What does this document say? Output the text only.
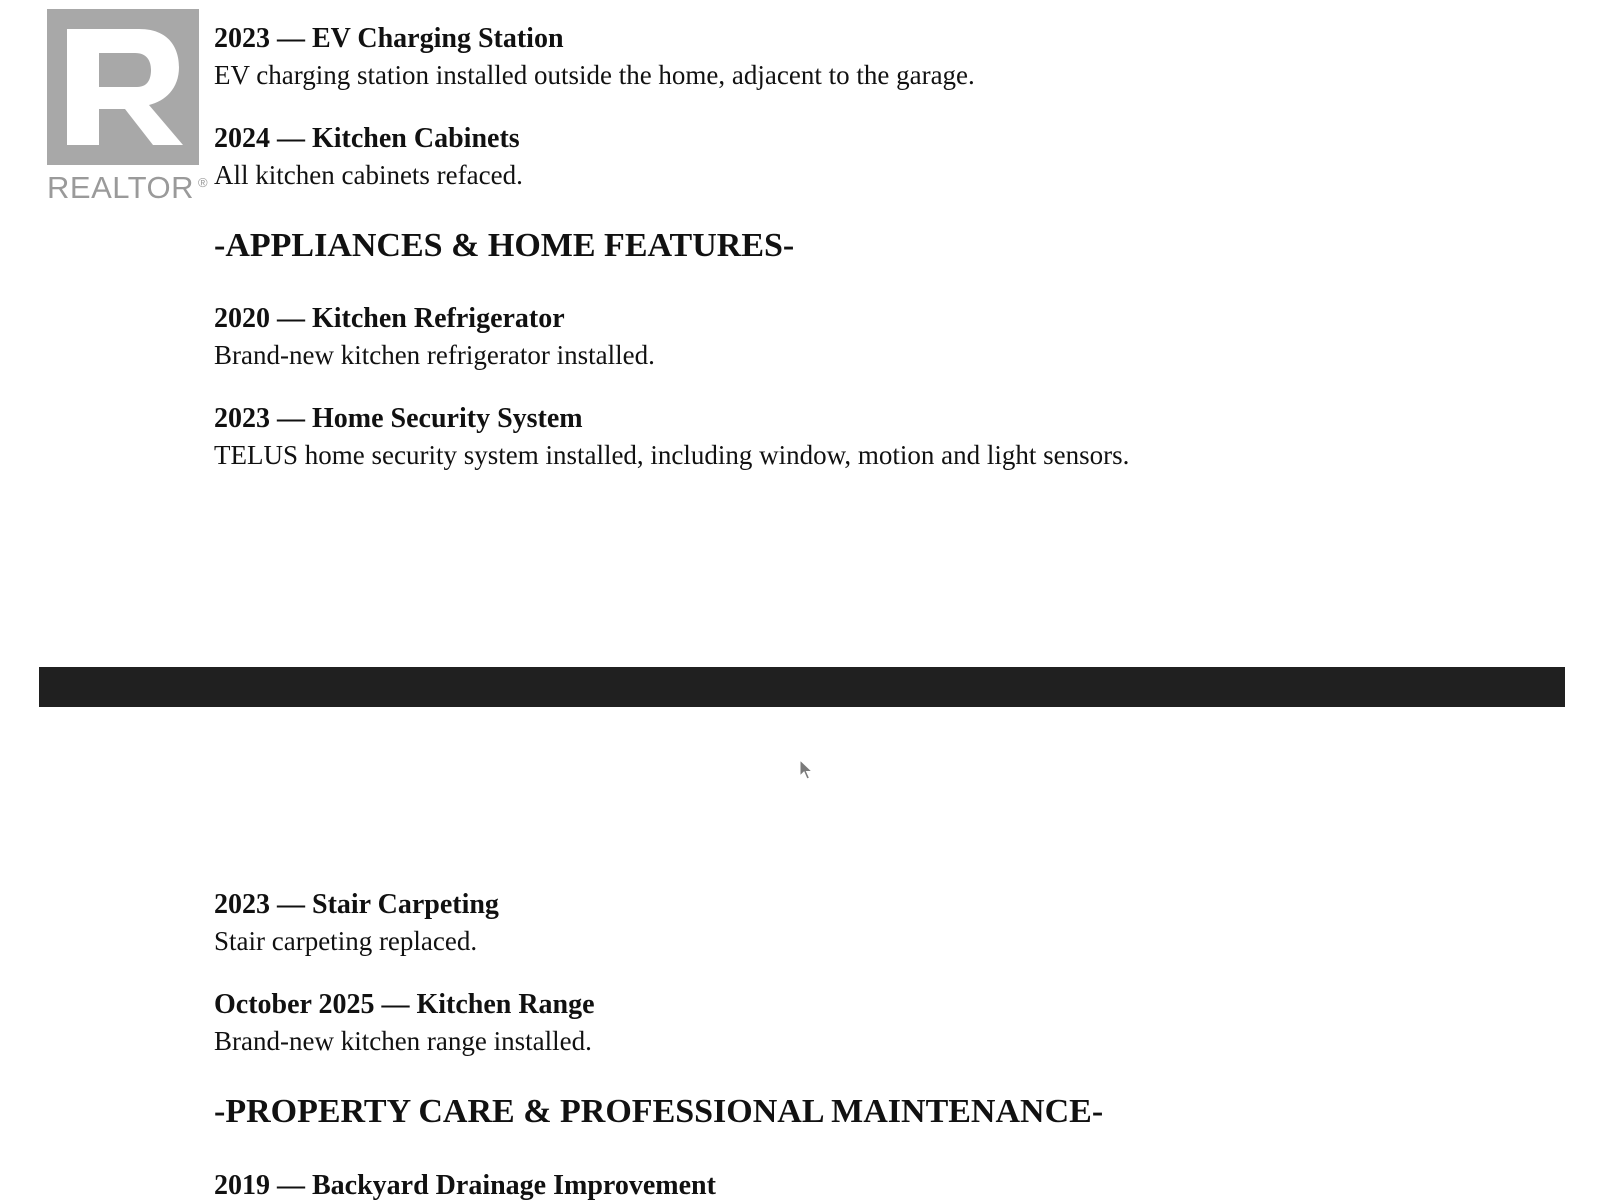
REALTOR ®
2023 — EV Charging Station
EV charging station installed outside the home, adjacent to the garage.
2024 — Kitchen Cabinets
All kitchen cabinets refaced.
-APPLIANCES & HOME FEATURES-
2020 — Kitchen Refrigerator
Brand-new kitchen refrigerator installed.
2023 — Home Security System
TELUS home security system installed, including window, motion and light sensors.
2023 — Stair Carpeting
Stair carpeting replaced.
October 2025 — Kitchen Range
Brand-new kitchen range installed.
-PROPERTY CARE & PROFESSIONAL MAINTENANCE-
2019 — Backyard Drainage Improvement
